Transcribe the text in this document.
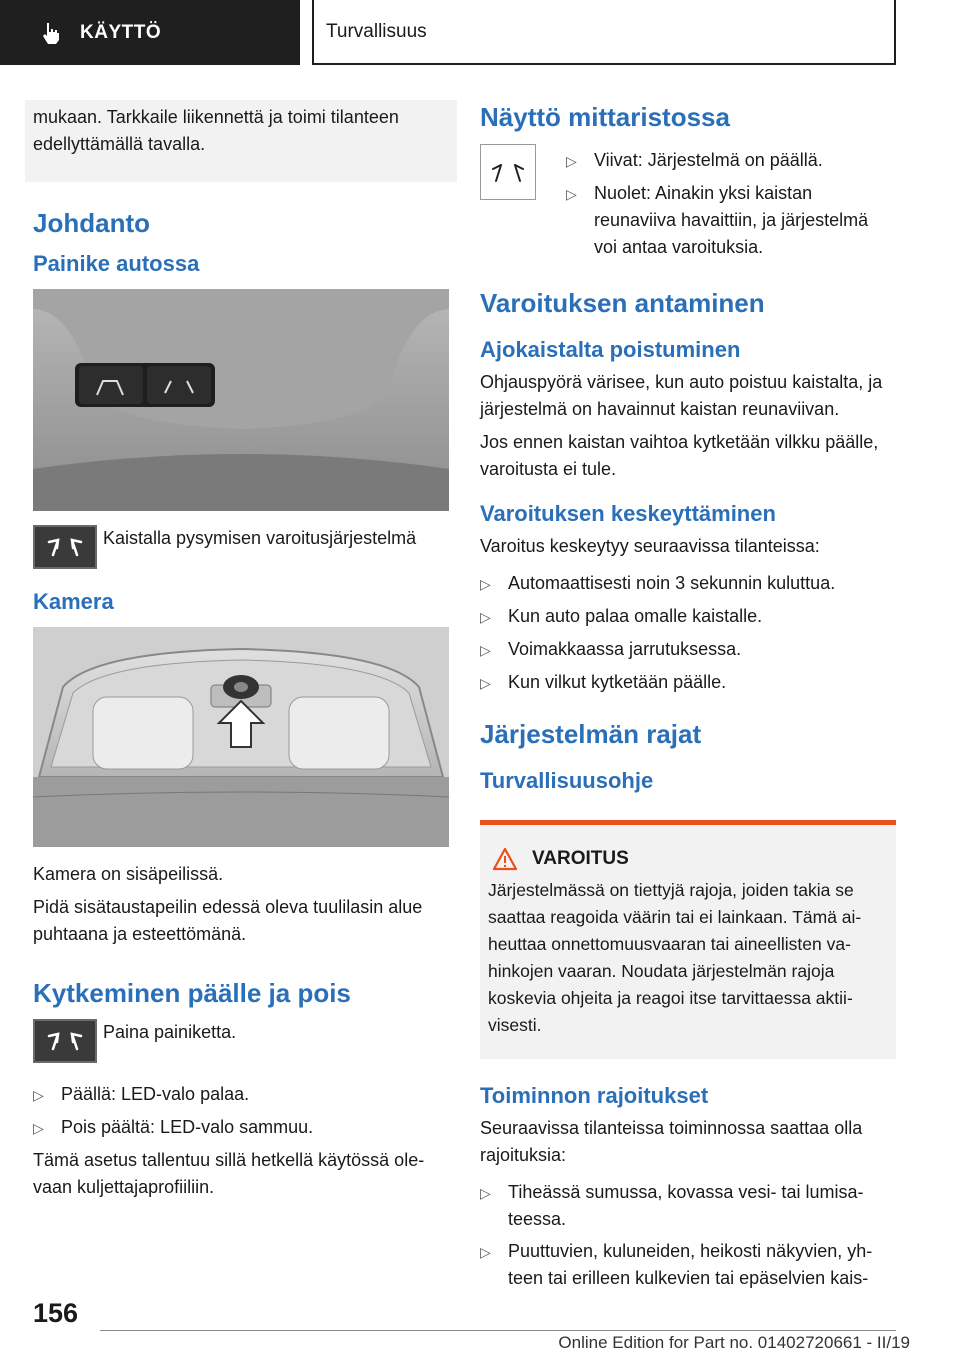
KÄYTTÖ	Turvallisuus

mukaan. Tarkkaile liikennettä ja toimi tilanteen edellyttämällä tavalla.

Johdanto
Painike autossa

Kaistalla pysymisen varoitusjärjestelmä

Kamera

Kamera on sisäpeilissä.

Pidä sisätaustapeilin edessä oleva tuulilasin alue puhtaana ja esteettömänä.

Kytkeminen päälle ja pois

Paina painiketta.

▷ Päällä: LED-valo palaa.
▷ Pois päältä: LED-valo sammuu.

Tämä asetus tallentuu sillä hetkellä käytössä olevaan kuljettajaprofiiliin.

Näyttö mittaristossa
▷ Viivat: Järjestelmä on päällä.
▷ Nuolet: Ainakin yksi kaistan reunaviiva havaittiin, ja järjestelmä voi antaa varoituksia.
Varoituksen antaminen
Ajokaistalta poistuminen

Ohjauspyörä värisee, kun auto poistuu kaistalta, ja järjestelmä on havainnut kaistan reunaviivan.

Jos ennen kaistan vaihtoa kytketään vilkku päälle, varoitusta ei tule.

Varoituksen keskeyttäminen

Varoitus keskeytyy seuraavissa tilanteissa:

▷ Automaattisesti noin 3 sekunnin kuluttua.
▷ Kun auto palaa omalle kaistalle.
▷ Voimakkaassa jarrutuksessa.
▷ Kun vilkut kytketään päälle.
Järjestelmän rajat
Turvallisuusohje
VAROITUS

Järjestelmässä on tiettyjä rajoja, joiden takia se saattaa reagoida väärin tai ei lainkaan. Tämä aiheuttaa onnettomuusvaaran tai aineellisten vahinkojen vaaran. Noudata järjestelmän rajoja koskevia ohjeita ja reagoi itse tarvittaessa aktiivisesti.

Toiminnon rajoitukset

Seuraavissa tilanteissa toiminnossa saattaa olla rajoituksia:

▷ Tiheässä sumussa, kovassa vesi- tai lumisateessa.
▷ Puuttuvien, kuluneiden, heikosti näkyvien, yhteen tai erilleen kulkevien tai epäselvien kais-
156
Online Edition for Part no. 01402720661 - II/19
